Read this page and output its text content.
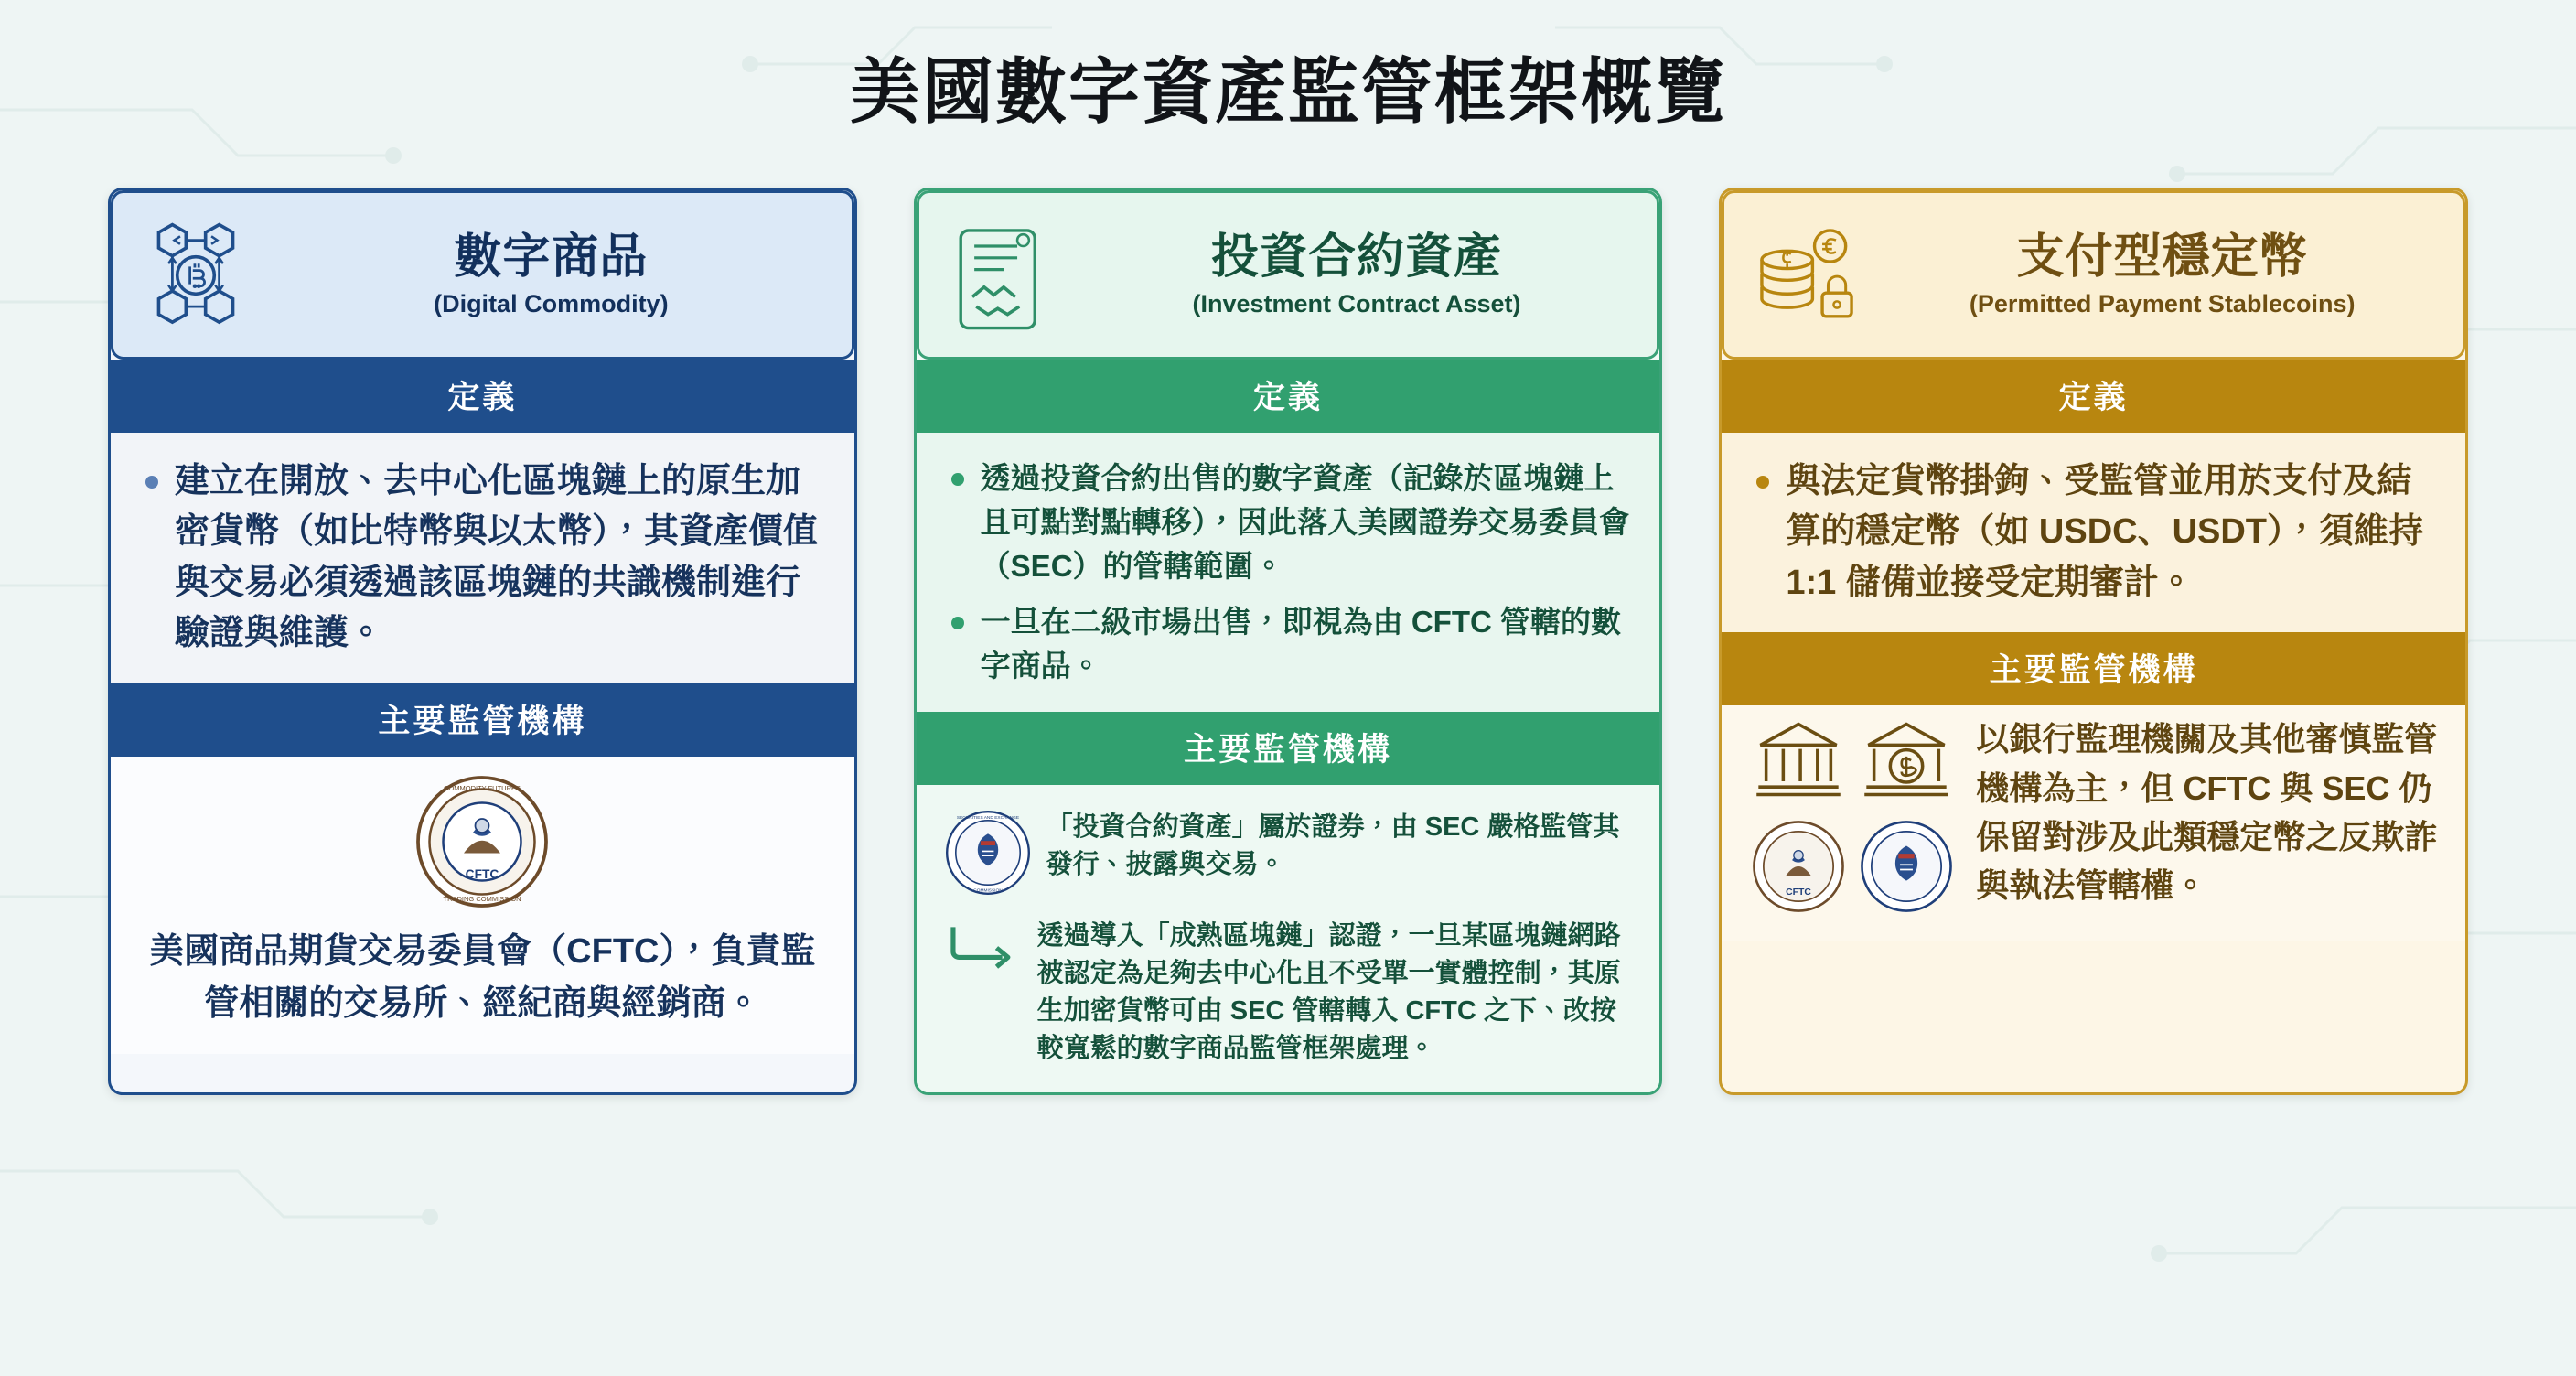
美國數字資產監管框架概覽
數字商品
(Digital Commodity)
定義
建立在開放、去中心化區塊鏈上的原生加密貨幣（如比特幣與以太幣），其資產價值與交易必須透過該區塊鏈的共識機制進行驗證與維護。
主要監管機構
CFTC
COMMODITY FUTURES
TRADING COMMISSION
美國商品期貨交易委員會（CFTC），負責監管相關的交易所、經紀商與經銷商。
投資合約資產
(Investment Contract Asset)
定義
透過投資合約出售的數字資產（記錄於區塊鏈上且可點對點轉移），因此落入美國證券交易委員會（SEC）的管轄範圍。
一旦在二級市場出售，即視為由 CFTC 管轄的數字商品。
主要監管機構
SECURITIES AND EXCHANGE
COMMISSION
「投資合約資產」屬於證券，由 SEC 嚴格監管其發行、披露與交易。
透過導入「成熟區塊鏈」認證，一旦某區塊鏈網路被認定為足夠去中心化且不受單一實體控制，其原生加密貨幣可由 SEC 管轄轉入 CFTC 之下、改按較寬鬆的數字商品監管框架處理。
支付型穩定幣
(Permitted Payment Stablecoins)
定義
與法定貨幣掛鉤、受監管並用於支付及結算的穩定幣（如 USDC、USDT），須維持 1:1 儲備並接受定期審計。
主要監管機構
CFTC
以銀行監理機關及其他審慎監管機構為主，但 CFTC 與 SEC 仍保留對涉及此類穩定幣之反欺詐與執法管轄權。
